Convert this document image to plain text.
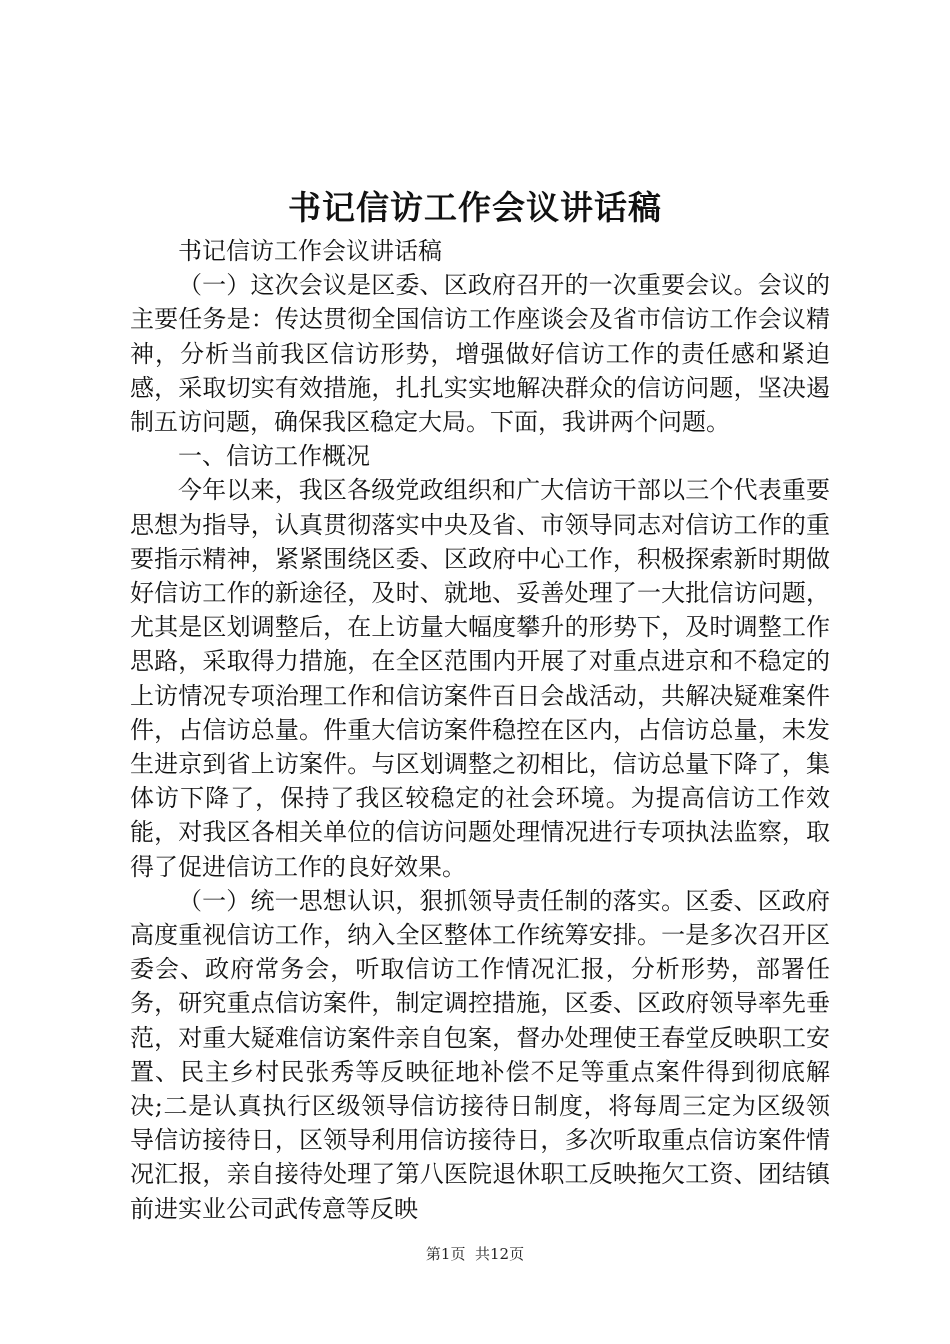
书记信访工作会议讲话稿

书记信访工作会议讲话稿

（一）这次会议是区委、区政府召开的一次重要会议。会议的主要任务是：传达贯彻全国信访工作座谈会及省市信访工作会议精神，分析当前我区信访形势，增强做好信访工作的责任感和紧迫感，采取切实有效措施，扎扎实实地解决群众的信访问题，坚决遏制五访问题，确保我区稳定大局。下面，我讲两个问题。

一、信访工作概况

今年以来，我区各级党政组织和广大信访干部以三个代表重要思想为指导，认真贯彻落实中央及省、市领导同志对信访工作的重要指示精神，紧紧围绕区委、区政府中心工作，积极探索新时期做好信访工作的新途径，及时、就地、妥善处理了一大批信访问题，尤其是区划调整后，在上访量大幅度攀升的形势下，及时调整工作思路，采取得力措施，在全区范围内开展了对重点进京和不稳定的上访情况专项治理工作和信访案件百日会战活动，共解决疑难案件件，占信访总量。件重大信访案件稳控在区内，占信访总量，未发生进京到省上访案件。与区划调整之初相比，信访总量下降了，集体访下降了，保持了我区较稳定的社会环境。为提高信访工作效能，对我区各相关单位的信访问题处理情况进行专项执法监察，取得了促进信访工作的良好效果。

（一）统一思想认识，狠抓领导责任制的落实。区委、区政府高度重视信访工作，纳入全区整体工作统筹安排。一是多次召开区委会、政府常务会，听取信访工作情况汇报，分析形势，部署任务，研究重点信访案件，制定调控措施，区委、区政府领导率先垂范，对重大疑难信访案件亲自包案，督办处理使王春堂反映职工安置、民主乡村民张秀等反映征地补偿不足等重点案件得到彻底解决;二是认真执行区级领导信访接待日制度，将每周三定为区级领导信访接待日，区领导利用信访接待日，多次听取重点信访案件情况汇报，亲自接待处理了第八医院退休职工反映拖欠工资、团结镇前进实业公司武传意等反映

第1页  共12页
